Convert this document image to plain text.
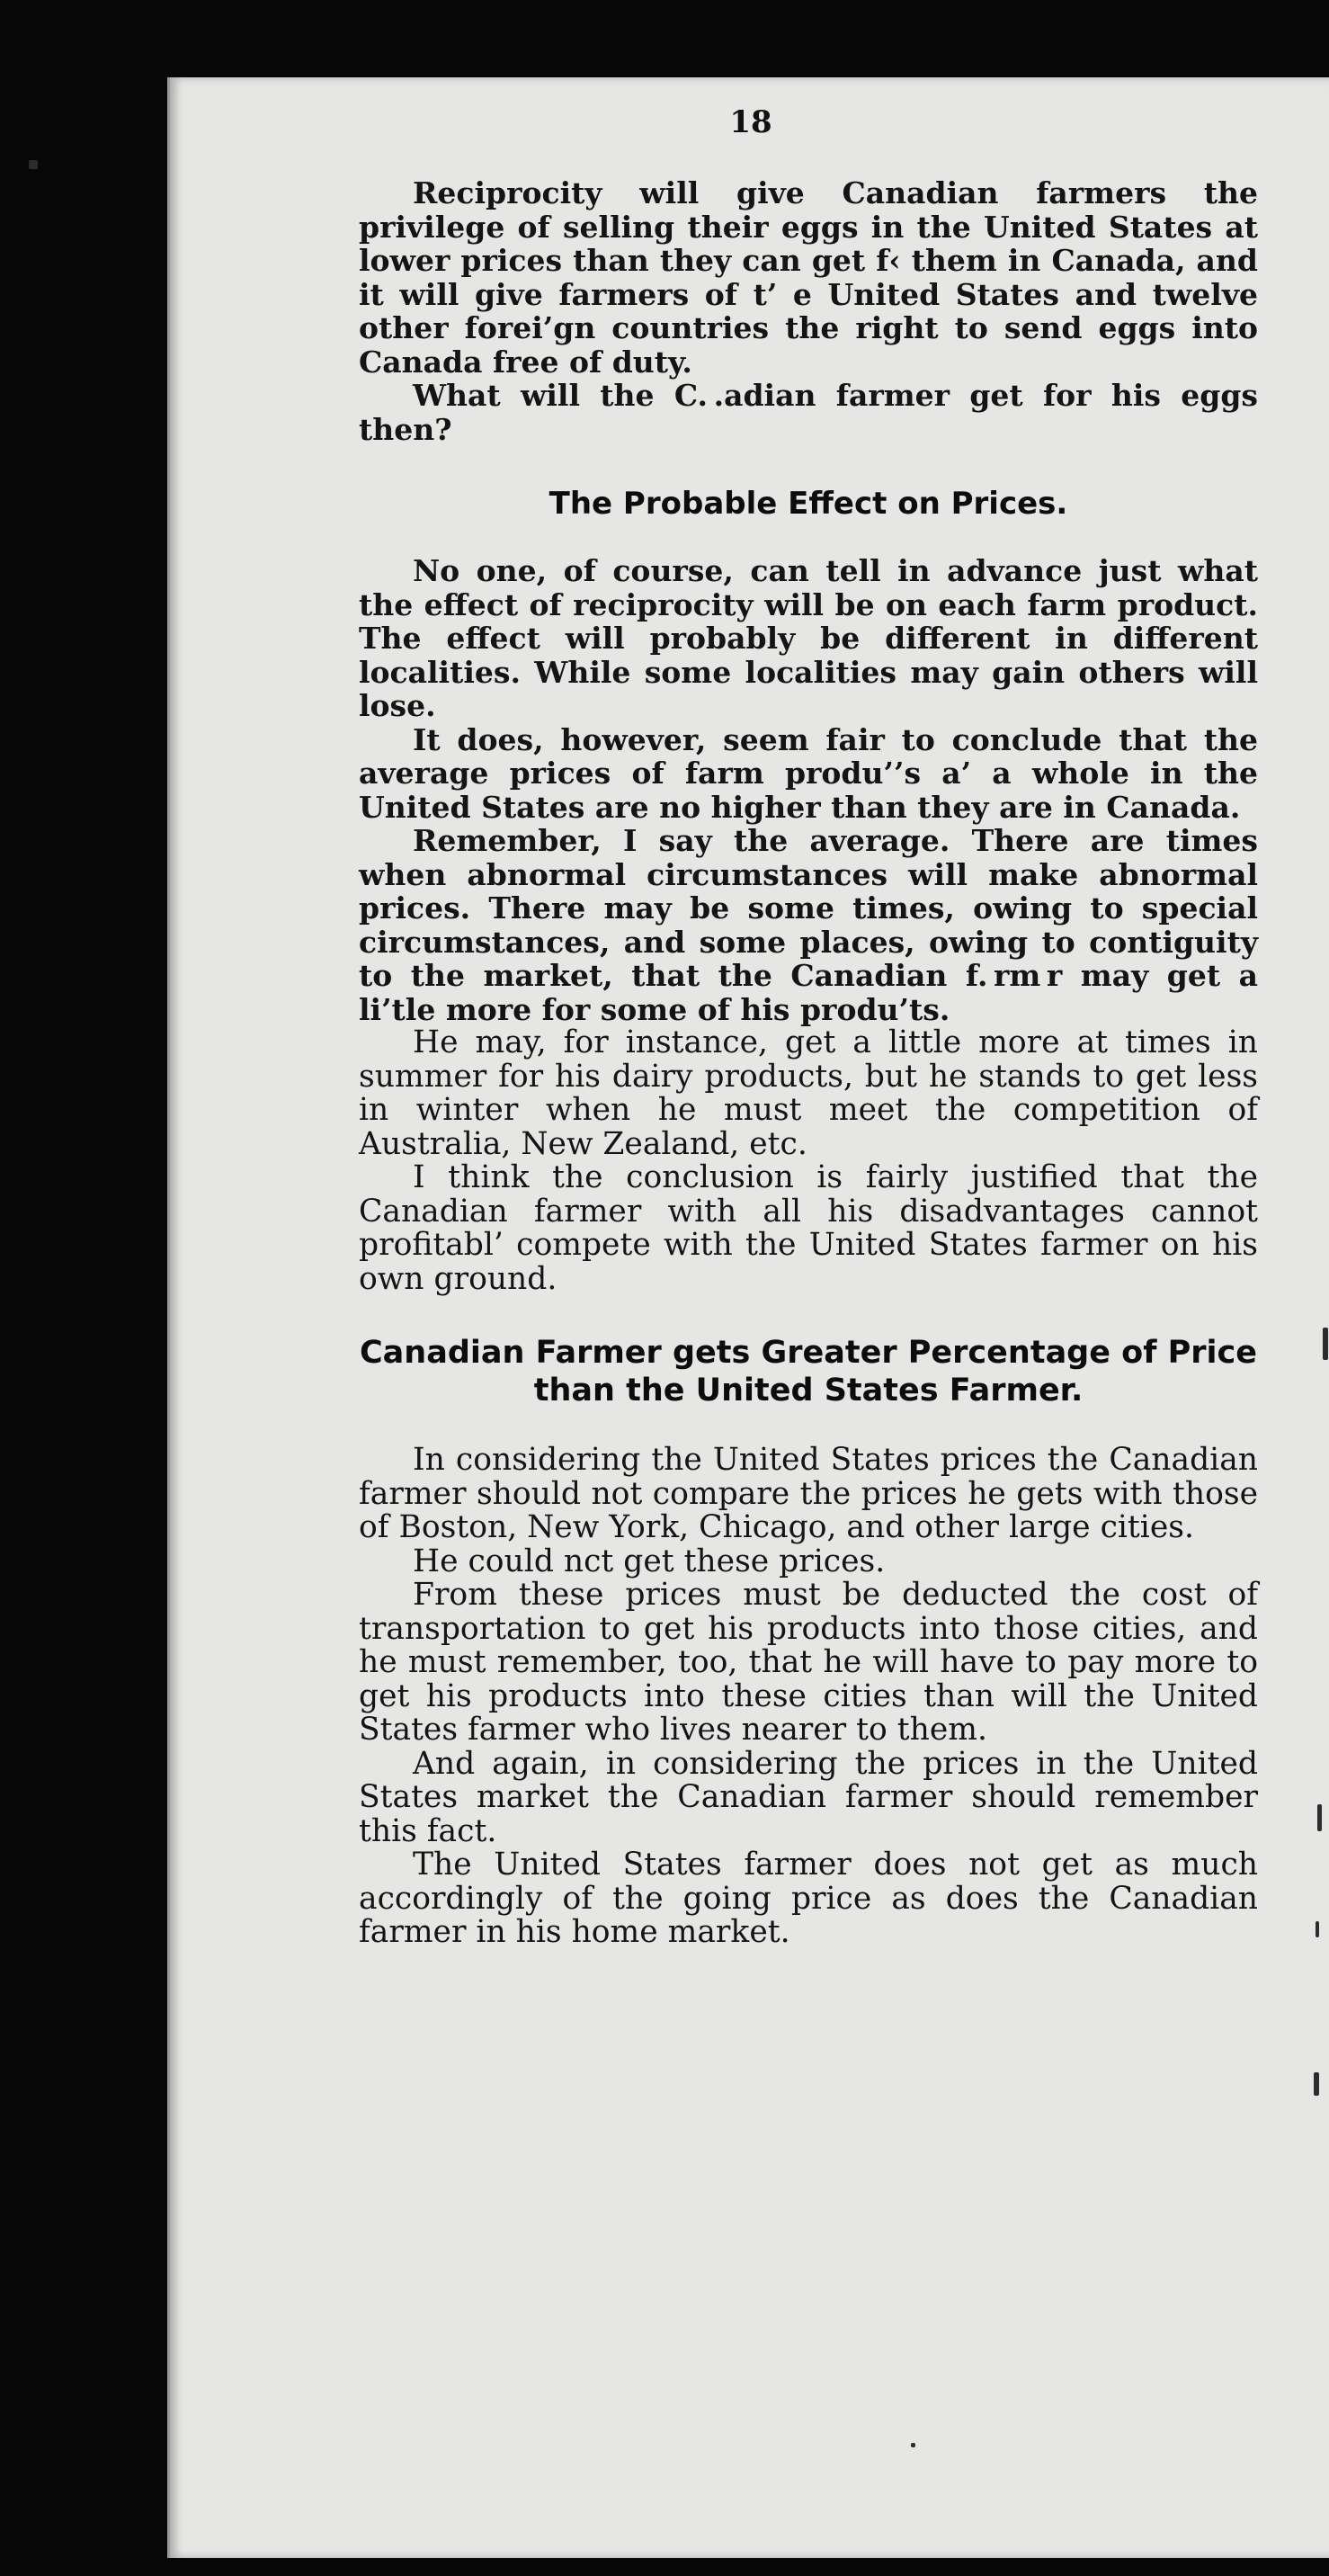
18

Reciprocity will give Canadian farmers the privilege of selling their eggs in the United States at lower prices than they can get f‹ them in Canada, and it will give farmers of t’ e United States and twelve other forei’gn countries the right to send eggs into Canada free of duty.

What will the C. .adian farmer get for his eggs then?

The Probable Effect on Prices.

No one, of course, can tell in advance just what the effect of reciprocity will be on each farm product. The effect will probably be different in different localities. While some localities may gain others will lose.

It does, however, seem fair to conclude that the average prices of farm produ’’s a’ a whole in the United States are no higher than they are in Canada.

Remember, I say the average. There are times when abnormal circumstances will make abnormal prices. There may be some times, owing to special circumstances, and some places, owing to contiguity to the market, that the Canadian f. rm r may get a li’tle more for some of his produ’ts.

He may, for instance, get a little more at times in summer for his dairy products, but he stands to get less in winter when he must meet the competition of Australia, New Zealand, etc.

I think the conclusion is fairly justified that the Canadian farmer with all his disadvantages cannot profitabl’ compete with the United States farmer on his own ground.

Canadian Farmer gets Greater Percentage of Price than the United States Farmer.

In considering the United States prices the Canadian farmer should not compare the prices he gets with those of Boston, New York, Chicago, and other large cities.

He could nct get these prices.

From these prices must be deducted the cost of transportation to get his products into those cities, and he must remember, too, that he will have to pay more to get his products into these cities than will the United States farmer who lives nearer to them.

And again, in considering the prices in the United States market the Canadian farmer should remember this fact.

The United States farmer does not get as much accordingly of the going price as does the Canadian farmer in his home market.
